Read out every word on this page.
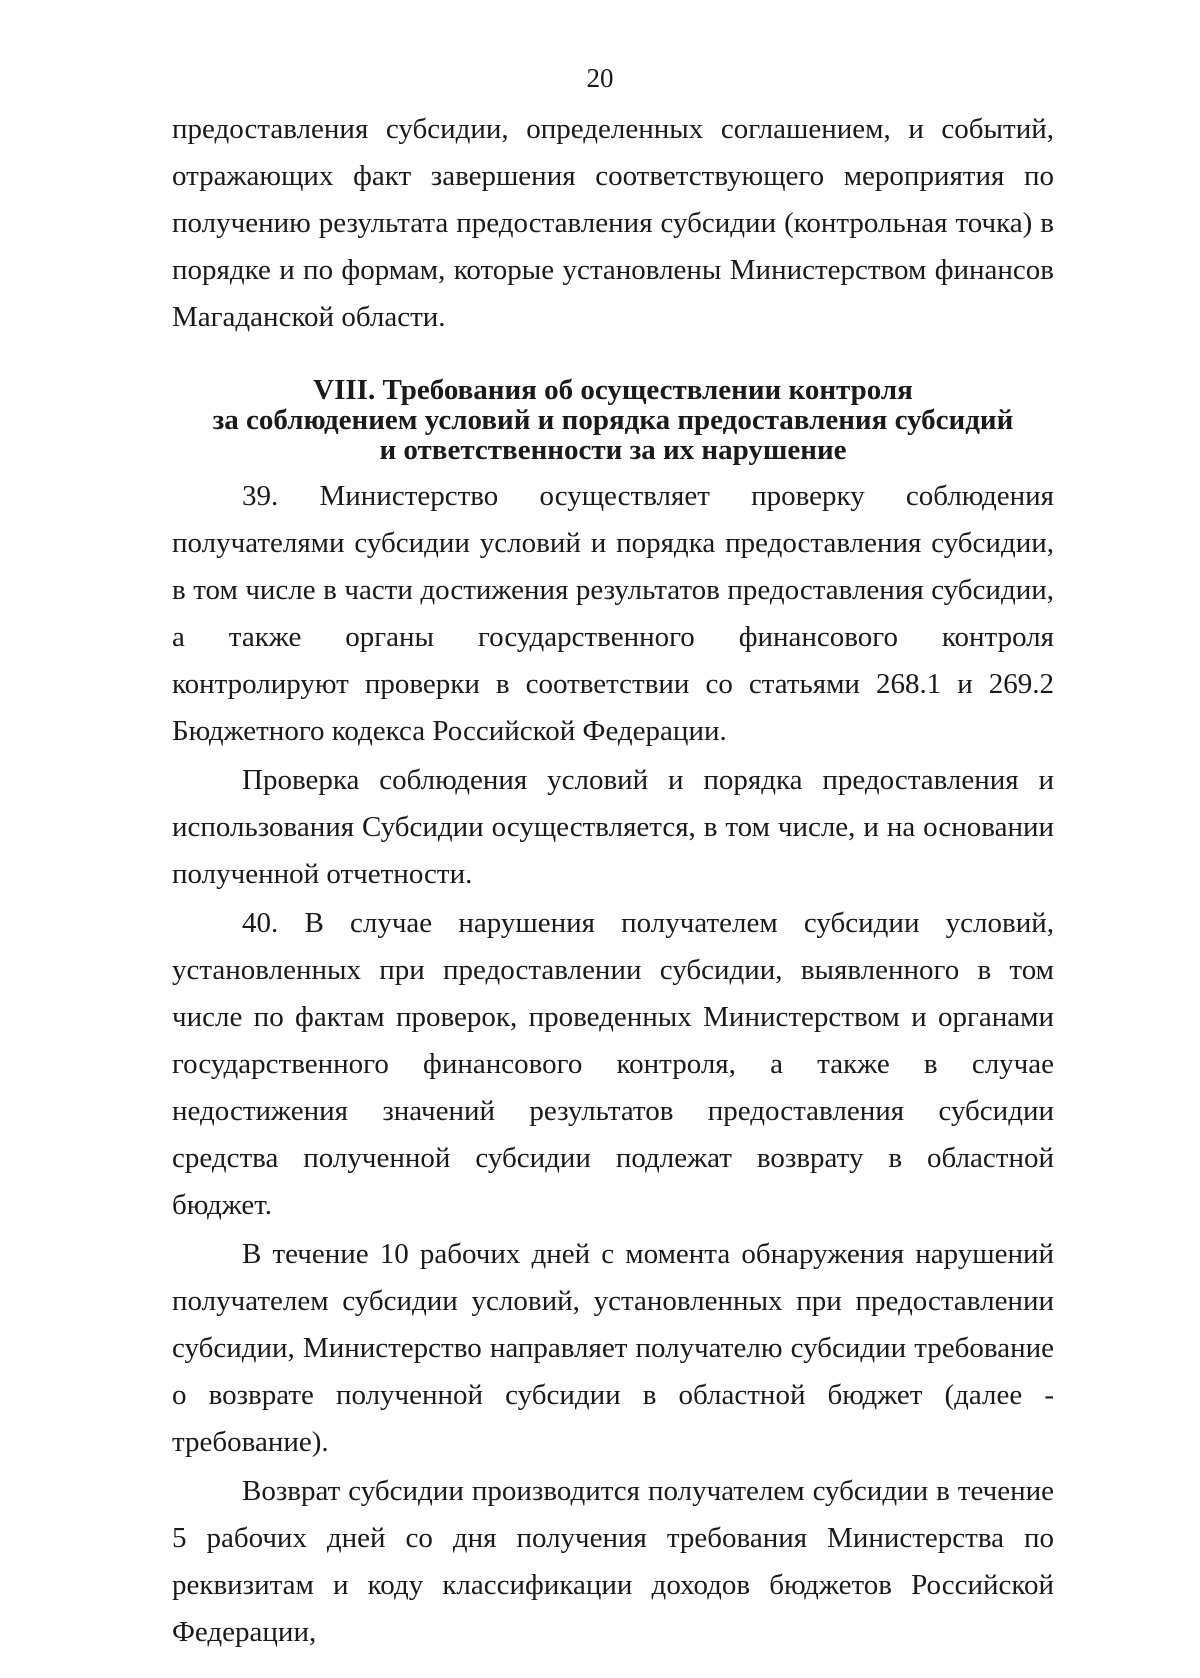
20

предоставления субсидии, определенных соглашением, и событий, отражающих факт завершения соответствующего мероприятия по получению результата предоставления субсидии (контрольная точка) в порядке и по формам, которые установлены Министерством финансов Магаданской области.

VIII. Требования об осуществлении контроля
за соблюдением условий и порядка предоставления субсидий
и ответственности за их нарушение

39. Министерство осуществляет проверку соблюдения получателями субсидии условий и порядка предоставления субсидии, в том числе в части достижения результатов предоставления субсидии, а также органы государственного финансового контроля контролируют проверки в соответствии со статьями 268.1 и 269.2 Бюджетного кодекса Российской Федерации.

Проверка соблюдения условий и порядка предоставления и использования Субсидии осуществляется, в том числе, и на основании полученной отчетности.

40. В случае нарушения получателем субсидии условий, установленных при предоставлении субсидии, выявленного в том числе по фактам проверок, проведенных Министерством и органами государственного финансового контроля, а также в случае недостижения значений результатов предоставления субсидии средства полученной субсидии подлежат возврату в областной бюджет.

В течение 10 рабочих дней с момента обнаружения нарушений получателем субсидии условий, установленных при предоставлении субсидии, Министерство направляет получателю субсидии требование о возврате полученной субсидии в областной бюджет (далее - требование).

Возврат субсидии производится получателем субсидии в течение 5 рабочих дней со дня получения требования Министерства по реквизитам и коду классификации доходов бюджетов Российской Федерации,
